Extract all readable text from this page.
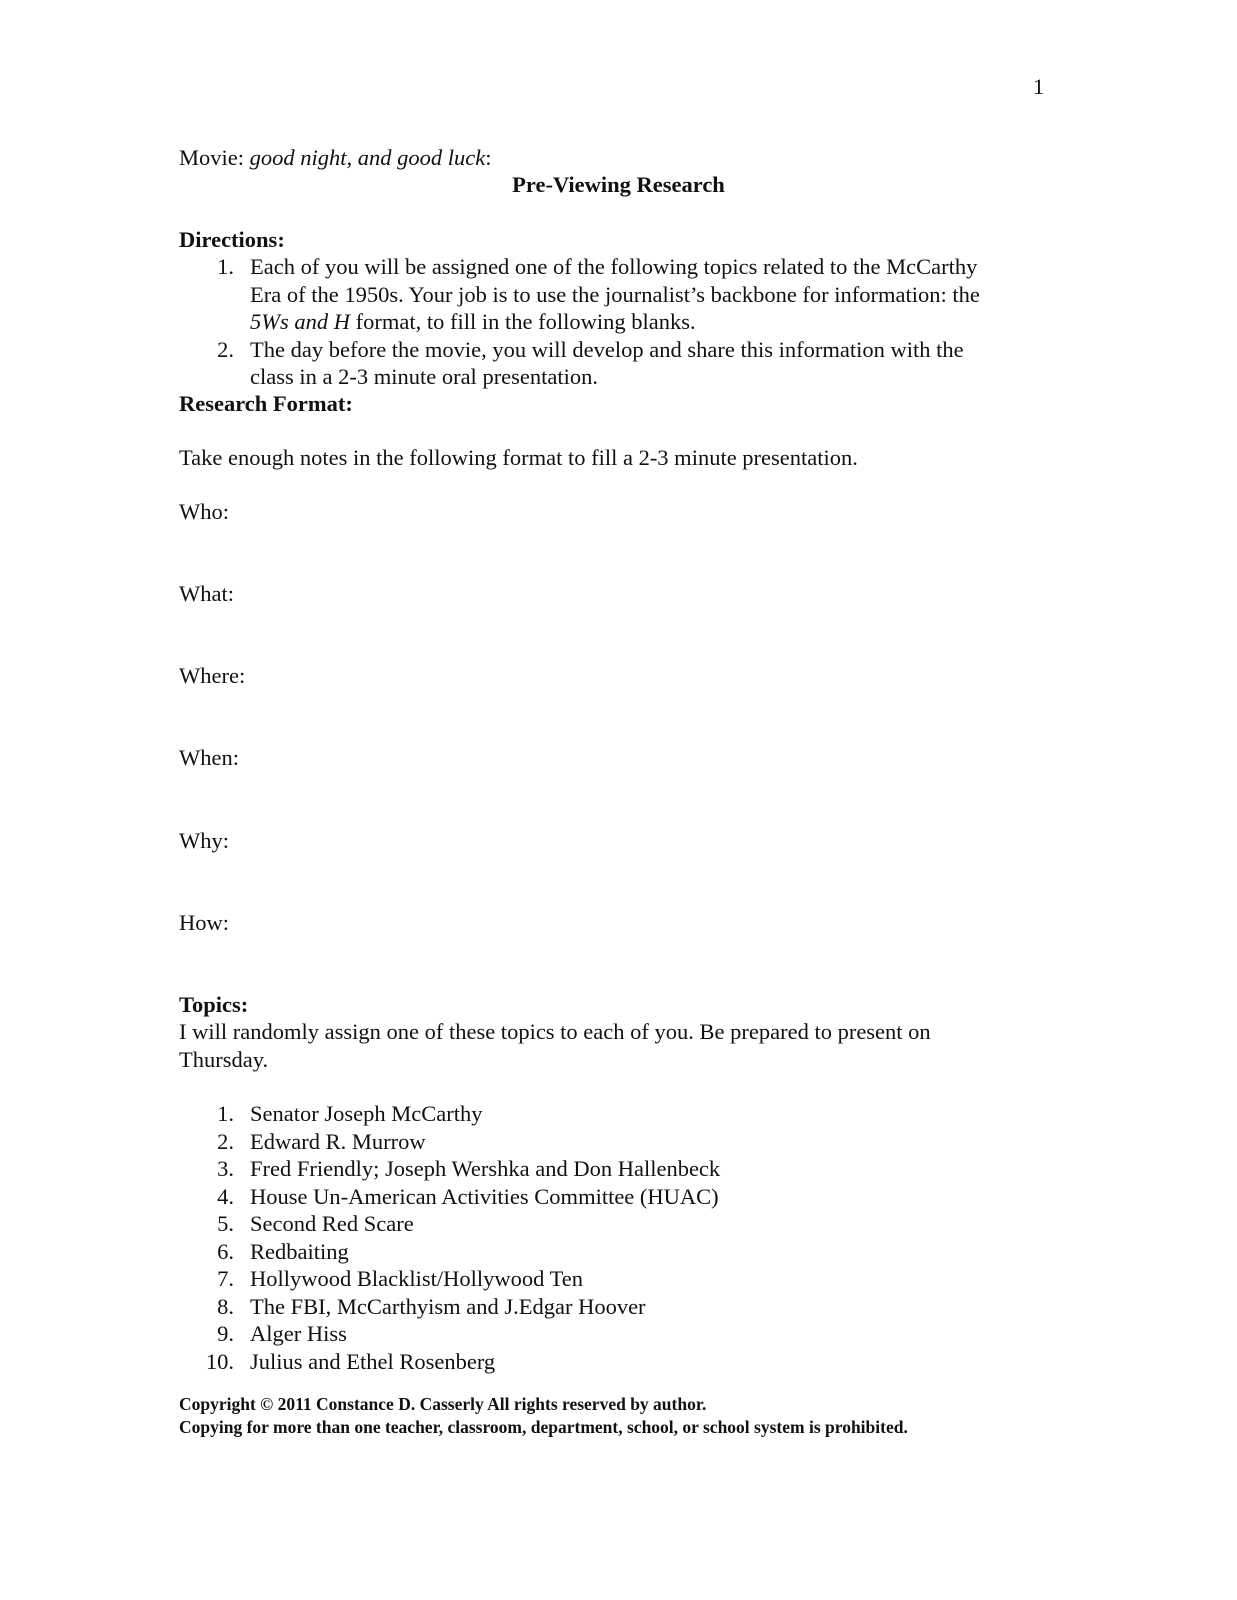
1
Movie: good night, and good luck:
Pre-Viewing Research
Directions:
1. Each of you will be assigned one of the following topics related to the McCarthy
Era of the 1950s. Your job is to use the journalist’s backbone for information: the
5Ws and H format, to fill in the following blanks.
2. The day before the movie, you will develop and share this information with the
class in a 2-3 minute oral presentation.
Research Format:
Take enough notes in the following format to fill a 2-3 minute presentation.
Who:
What:
Where:
When:
Why:
How:
Topics:
I will randomly assign one of these topics to each of you. Be prepared to present on
Thursday.
1. Senator Joseph McCarthy
2. Edward R. Murrow
3. Fred Friendly; Joseph Wershka and Don Hallenbeck
4. House Un-American Activities Committee (HUAC)
5. Second Red Scare
6. Redbaiting
7. Hollywood Blacklist/Hollywood Ten
8. The FBI, McCarthyism and J.Edgar Hoover
9. Alger Hiss
10. Julius and Ethel Rosenberg
Copyright © 2011 Constance D. Casserly All rights reserved by author.
Copying for more than one teacher, classroom, department, school, or school system is prohibited.
